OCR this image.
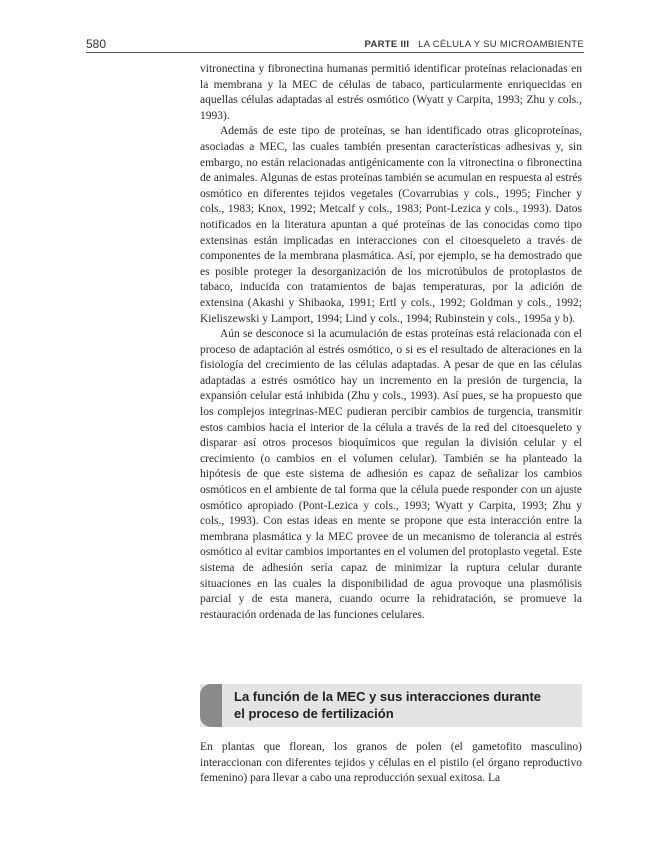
580	PARTE III LA CÉLULA Y SU MICROAMBIENTE

vitronectina y fibronectina humanas permitió identificar proteínas relacionadas en la membrana y la MEC de células de tabaco, particularmente enriquecidas en aquellas células adaptadas al estrés osmótico (Wyatt y Carpita, 1993; Zhu y cols., 1993).

Además de este tipo de proteínas, se han identificado otras glicoproteínas, asociadas a MEC, las cuales también presentan características adhesivas y, sin embargo, no están relacionadas antigénicamente con la vitronectina o fibronectina de animales. Algunas de estas proteínas también se acumulan en respuesta al estrés osmótico en diferentes tejidos vegetales (Covarrubias y cols., 1995; Fincher y cols., 1983; Knox, 1992; Metcalf y cols., 1983; Pont-Lezica y cols., 1993). Datos notificados en la literatura apuntan a qué proteínas de las conocidas como tipo extensinas están implicadas en interacciones con el citoesqueleto a través de componentes de la membrana plasmática. Así, por ejemplo, se ha demostrado que es posible proteger la desorganización de los microtúbulos de protoplastos de tabaco, inducida con tratamientos de bajas temperaturas, por la adición de extensina (Akashi y Shibaoka, 1991; Ertl y cols., 1992; Goldman y cols., 1992; Kieliszewski y Lamport, 1994; Lind y cols., 1994; Rubinstein y cols., 1995a y b).

Aún se desconoce si la acumulación de estas proteínas está relacionada con el proceso de adaptación al estrés osmótico, o si es el resultado de alteraciones en la fisiología del crecimiento de las células adaptadas. A pesar de que en las células adaptadas a estrés osmótico hay un incremento en la presión de turgencia, la expansión celular está inhibida (Zhu y cols., 1993). Así pues, se ha propuesto que los complejos integrinas-MEC pudieran percibir cambios de turgencia, transmitir estos cambios hacia el interior de la célula a través de la red del citoesqueleto y disparar así otros procesos bioquímicos que regulan la división celular y el crecimiento (o cambios en el volumen celular). También se ha planteado la hipótesis de que este sistema de adhesión es capaz de señalizar los cambios osmóticos en el ambiente de tal forma que la célula puede responder con un ajuste osmótico apropiado (Pont-Lezica y cols., 1993; Wyatt y Carpita, 1993; Zhu y cols., 1993). Con estas ideas en mente se propone que esta interacción entre la membrana plasmática y la MEC provee de un mecanismo de tolerancia al estrés osmótico al evitar cambios importantes en el volumen del protoplasto vegetal. Este sistema de adhesión sería capaz de minimizar la ruptura celular durante situaciones en las cuales la disponibilidad de agua provoque una plasmólisis parcial y de esta manera, cuando ocurre la rehidratación, se promueve la restauración ordenada de las funciones celulares.

La función de la MEC y sus interacciones durante
el proceso de fertilización

En plantas que florean, los granos de polen (el gametofito masculino) interaccionan con diferentes tejidos y células en el pistilo (el órgano reproductivo femenino) para llevar a cabo una reproducción sexual exitosa. La
